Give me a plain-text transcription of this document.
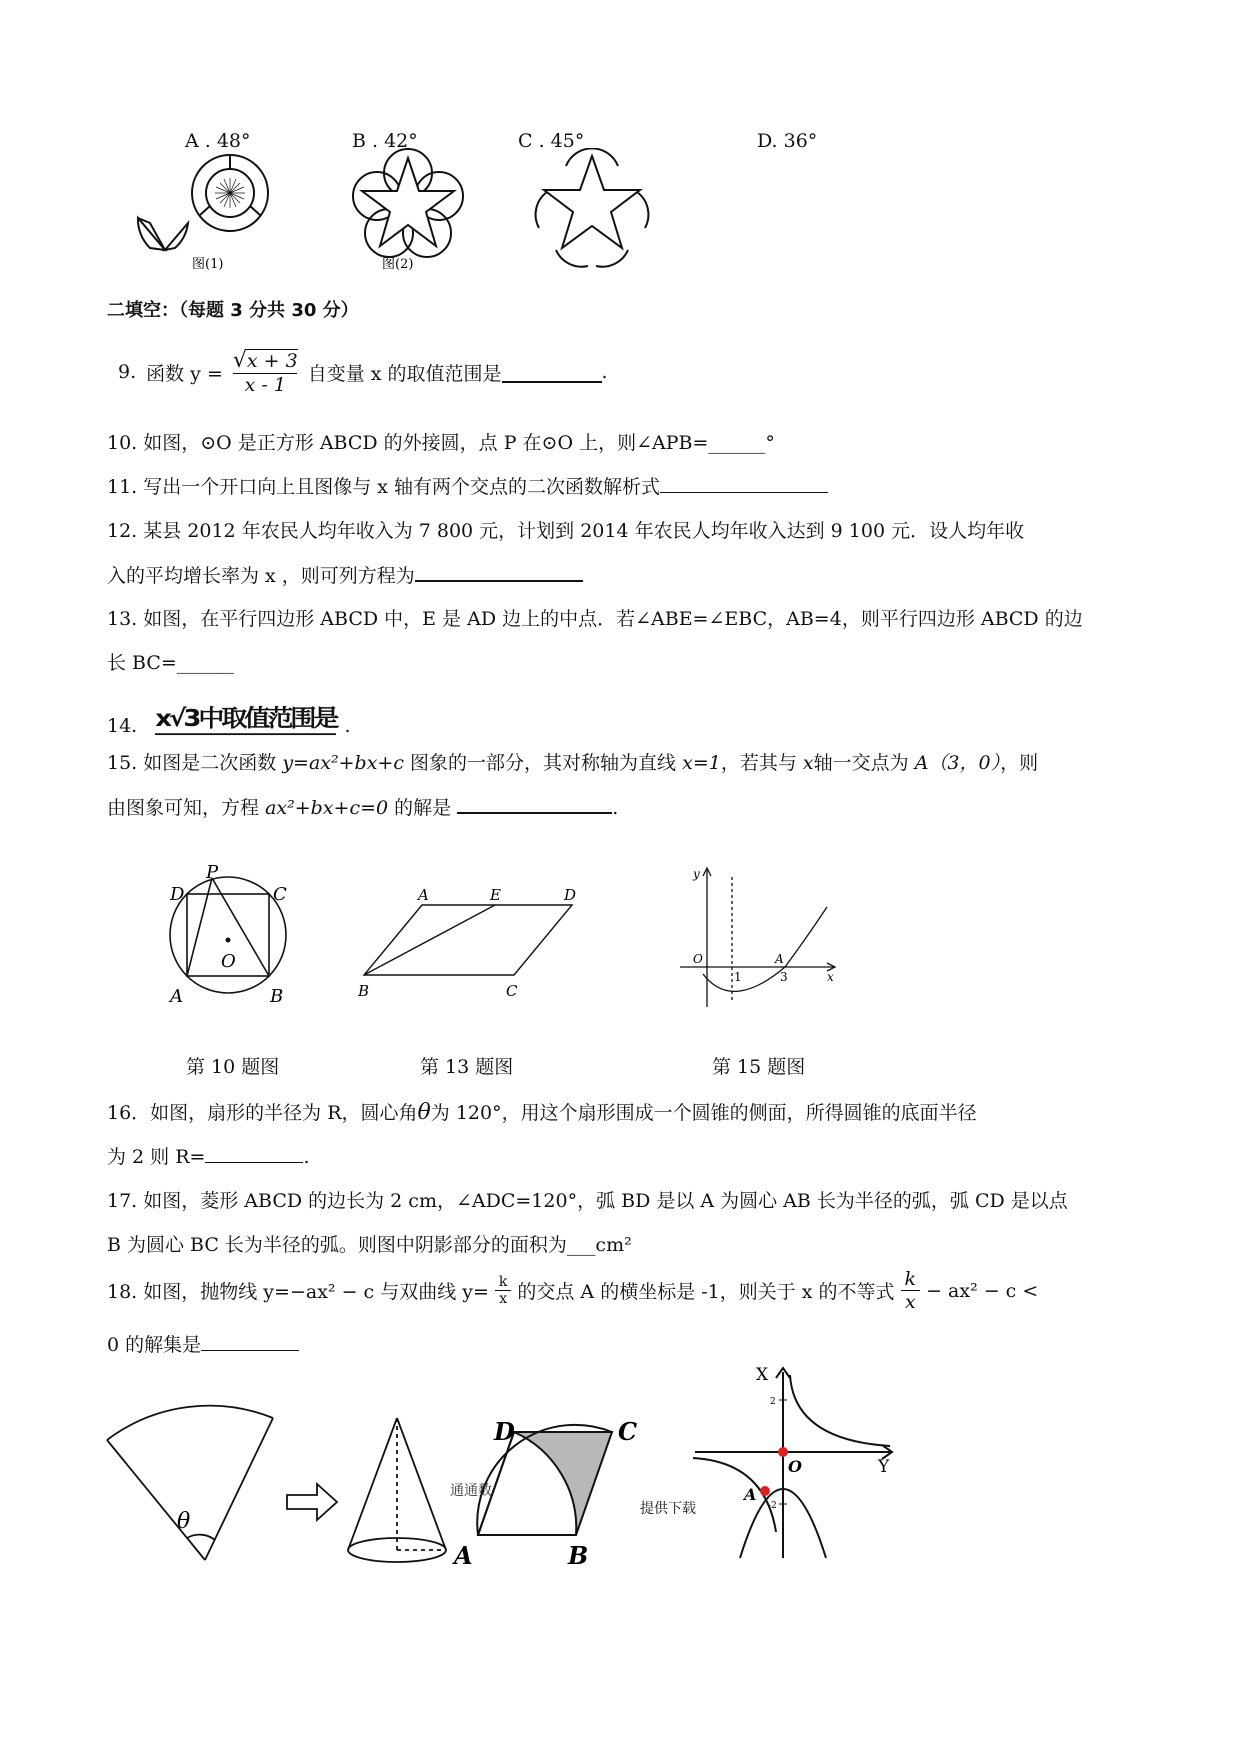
A . 48°	B . 42°	C . 45°	D. 36°
图(1)	图(2)
二填空：（每题 3 分共 30 分）
9. 函数 $y = \frac{√x + 3}{x - 1}$ 自变量 x 的取值范围是	.
10. 如图，⊙O 是正方形 ABCD 的外接圆，点 P 在⊙O 上，则∠APB=______°
11. 写出一个开口向上且图像与 x 轴有两个交点的二次函数解析式
12. 某县 2012 年农民人均年收入为 7 800 元，计划到 2014 年农民人均年收入达到 9 100 元．设人均年收
入的平均增长率为 x ，则可列方程为
13. 如图，在平行四边形 ABCD 中，E 是 AD 边上的中点．若∠ABE=∠EBC，AB=4，则平行四边形 ABCD 的边
长 BC=______
14. x√3中取值范围是 .
15. 如图是二次函数 y=ax²+bx+c 图象的一部分，其对称轴为直线 x=1，若其与 x轴一交点为 A（3，0），则
由图象可知，方程 ax²+bx+c=0 的解是	.
P
D	C
O
A	B
第 10 题图
A	E	D
B	C
第 13 题图
y
O
1
A
3	x
第 15 题图
16．如图，扇形的半径为 R，圆心角θ为 120°，用这个扇形围成一个圆锥的侧面，所得圆锥的底面半径
为 2 则 R=	.
17. 如图，菱形 ABCD 的边长为 2 cm，∠ADC=120°，弧 BD 是以 A 为圆心 AB 长为半径的弧，弧 CD 是以点
B 为圆心 BC 长为半径的弧。则图中阴影部分的面积为___cm²
18. 如图，抛物线 y=−ax² − c 与双曲线 $y= \frac{k}{x}$ 的交点 A 的横坐标是 -1，则关于 x 的不等式 $\frac{k}{x} - ax^2 - c$ <
0 的解集是
θ
通通数
D	C
A	B
提供下载
X
2
O	Y
A
-2
